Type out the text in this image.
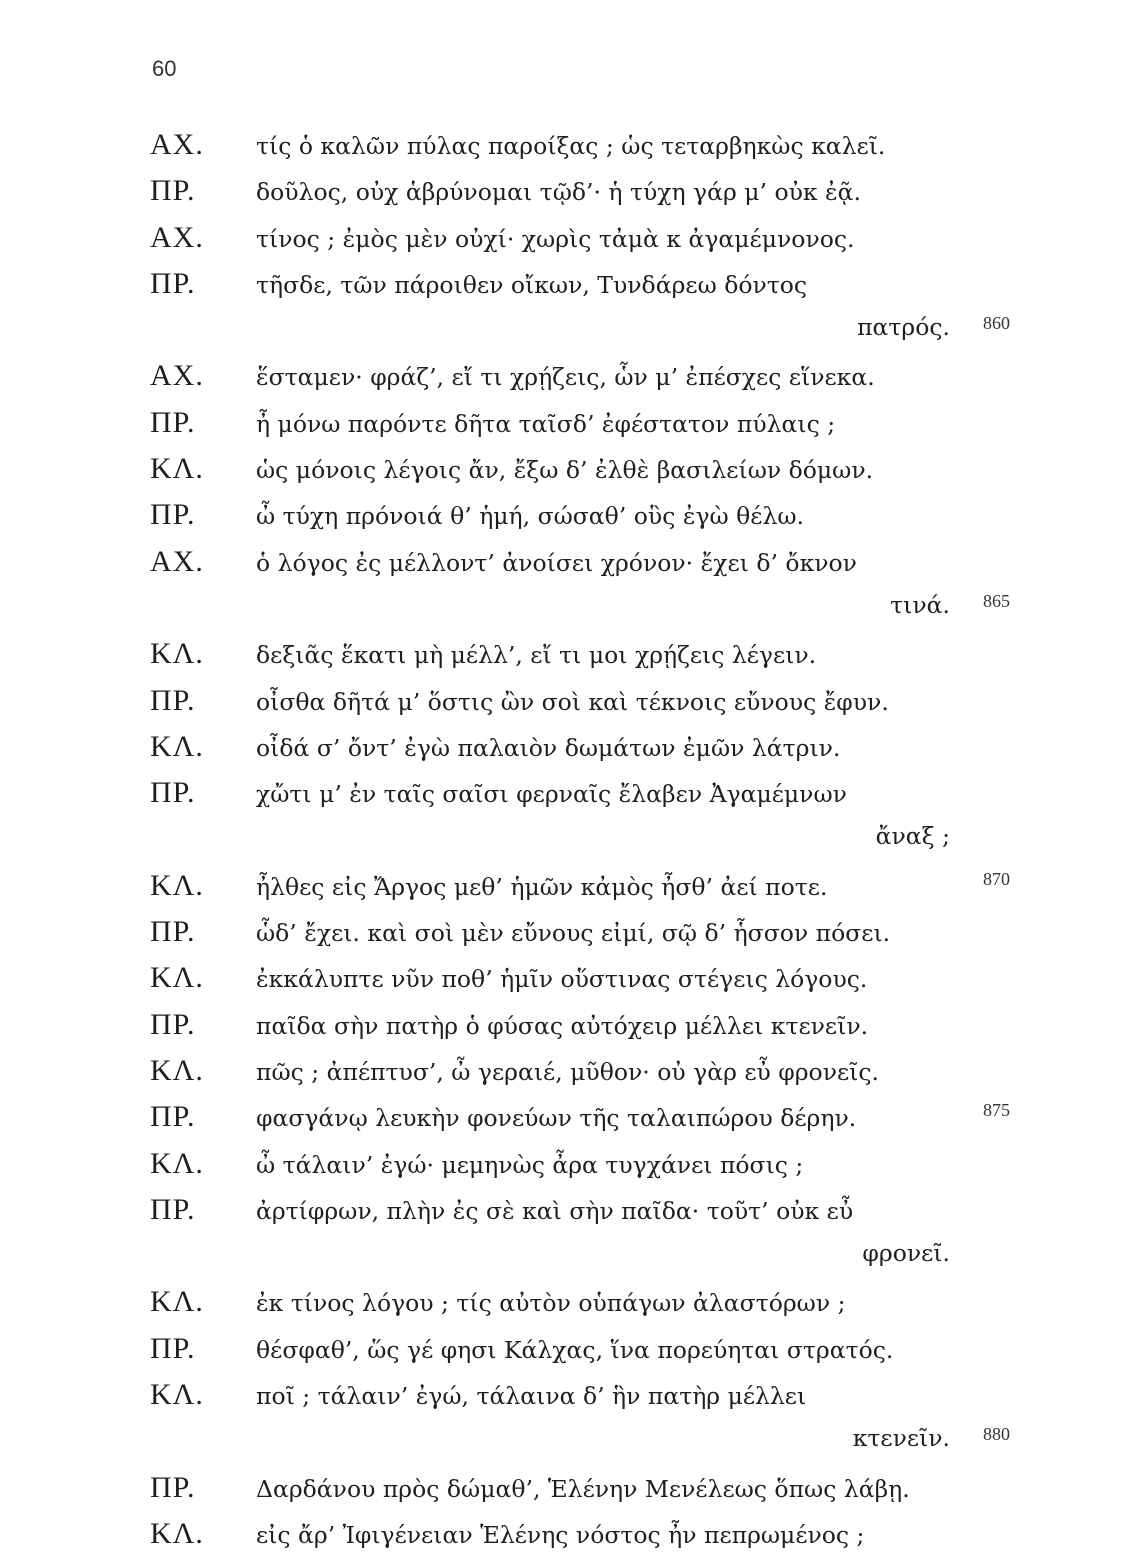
60
ΑΧ.	τίς ὁ καλῶν πύλας παροίξας ; ὡς τεταρβηκὼς καλεῖ.
ΠΡ.	δοῦλος, οὐχ ἁβρύνομαι τῷδ’· ἡ τύχη γάρ μ’ οὐκ ἐᾷ.
ΑΧ.	τίνος ; ἐμὸς μὲν οὐχί· χωρὶς τἀμὰ κ ἀγαμέμνονος.
ΠΡ.	τῆσδε, τῶν πάροιθεν οἴκων, Τυνδάρεω δόντος
πατρός. 860
ΑΧ.	ἕσταμεν· φράζ’, εἴ τι χρῄζεις, ὧν μ’ ἐπέσχες εἵνεκα.
ΠΡ.	ἦ μόνω παρόντε δῆτα ταῖσδ’ ἐφέστατον πύλαις ;
ΚΛ.	ὡς μόνοις λέγοις ἄν, ἔξω δ’ ἐλθὲ βασιλείων δόμων.
ΠΡ.	ὦ τύχη πρόνοιά θ’ ἡμή, σώσαθ’ οὓς ἐγὼ θέλω.
ΑΧ.	ὁ λόγος ἐς μέλλοντ’ ἀνοίσει χρόνον· ἔχει δ’ ὄκνον
τινά. 865
ΚΛ.	δεξιᾶς ἕκατι μὴ μέλλ’, εἴ τι μοι χρῄζεις λέγειν.
ΠΡ.	οἶσθα δῆτά μ’ ὅστις ὢν σοὶ καὶ τέκνοις εὔνους ἔφυν.
ΚΛ.	οἶδά σ’ ὄντ’ ἐγὼ παλαιὸν δωμάτων ἐμῶν λάτριν.
ΠΡ.	χὤτι μ’ ἐν ταῖς σαῖσι φερναῖς ἔλαβεν Ἀγαμέμνων
ἄναξ ;
ΚΛ.	ἦλθες εἰς Ἄργος μεθ’ ἡμῶν κἀμὸς ἦσθ’ ἀεί ποτε.	870
ΠΡ.	ὧδ’ ἔχει. καὶ σοὶ μὲν εὔνους εἰμί, σῷ δ’ ἧσσον πόσει.
ΚΛ.	ἐκκάλυπτε νῦν ποθ’ ἡμῖν οὕστινας στέγεις λόγους.
ΠΡ.	παῖδα σὴν πατὴρ ὁ φύσας αὐτόχειρ μέλλει κτενεῖν.
ΚΛ.	πῶς ; ἀπέπτυσ’, ὦ γεραιέ, μῦθον· οὐ γὰρ εὖ φρονεῖς.
ΠΡ.	φασγάνῳ λευκὴν φονεύων τῆς ταλαιπώρου δέρην.	875
ΚΛ.	ὦ τάλαιν’ ἐγώ· μεμηνὼς ἆρα τυγχάνει πόσις ;
ΠΡ.	ἀρτίφρων, πλὴν ἐς σὲ καὶ σὴν παῖδα· τοῦτ’ οὐκ εὖ
φρονεῖ.
ΚΛ.	ἐκ τίνος λόγου ; τίς αὐτὸν οὑπάγων ἀλαστόρων ;
ΠΡ.	θέσφαθ’, ὥς γέ φησι Κάλχας, ἵνα πορεύηται στρατός.
ΚΛ.	ποῖ ; τάλαιν’ ἐγώ, τάλαινα δ’ ἣν πατὴρ μέλλει
κτενεῖν. 880
ΠΡ.	Δαρδάνου πρὸς δώμαθ’, Ἑλένην Μενέλεως ὅπως λάβῃ.
ΚΛ.	εἰς ἄρ’ Ἰφιγένειαν Ἑλένης νόστος ἦν πεπρωμένος ;
